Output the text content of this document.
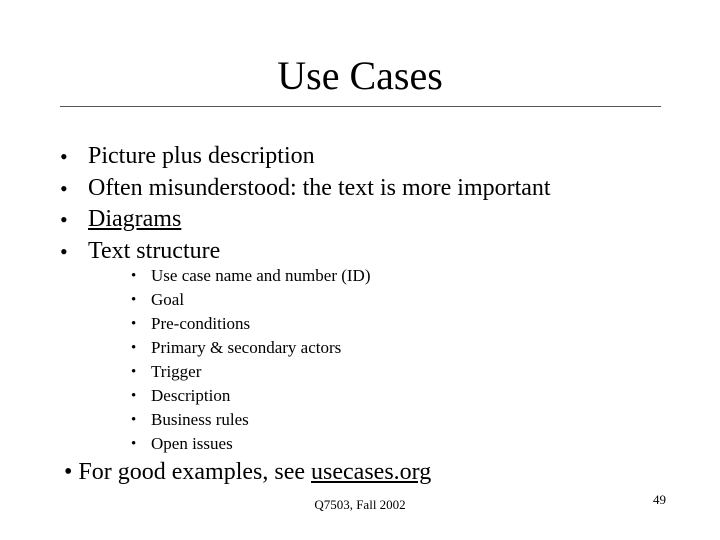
Use Cases
• Picture plus description
• Often misunderstood: the text is more important
• Diagrams
• Text structure
• Use case name and number (ID)
• Goal
• Pre-conditions
• Primary & secondary actors
• Trigger
• Description
• Business rules
• Open issues
• For good examples, see usecases.org
Q7503, Fall 2002	49
